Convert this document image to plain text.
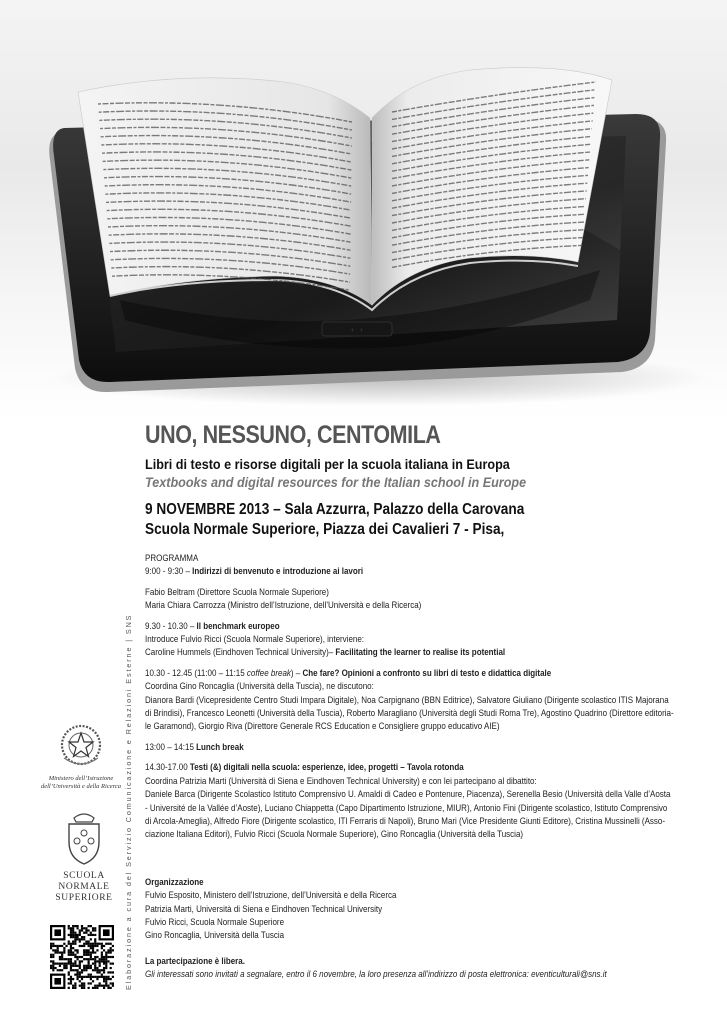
‹ ›
UNO, NESSUNO, CENTOMILA
Libri di testo e risorse digitali per la scuola italiana in Europa
Textbooks and digital resources for the Italian school in Europe
9 NOVEMBRE 2013 – Sala Azzurra, Palazzo della Carovana
Scuola Normale Superiore, Piazza dei Cavalieri 7 - Pisa,

PROGRAMMA

9:00 - 9:30 – Indirizzi di benvenuto e introduzione ai lavori

Fabio Beltram (Direttore Scuola Normale Superiore)

Maria Chiara Carrozza (Ministro dell’Istruzione, dell’Università e della Ricerca)

9.30 - 10.30 – Il benchmark europeo

Introduce Fulvio Ricci (Scuola Normale Superiore), interviene:

Caroline Hummels (Eindhoven Technical University)– Facilitating the learner to realise its potential

10.30 - 12.45 (11:00 – 11:15 coffee break) – Che fare? Opinioni a confronto su libri di testo e didattica digitale

Coordina Gino Roncaglia (Università della Tuscia), ne discutono:

Dianora Bardi (Vicepresidente Centro Studi Impara Digitale), Noa Carpignano (BBN Editrice), Salvatore Giuliano (Dirigente scolastico ITIS Majorana

di Brindisi), Francesco Leonetti (Università della Tuscia), Roberto Maragliano (Università degli Studi Roma Tre), Agostino Quadrino (Direttore editoria-

le Garamond), Giorgio Riva (Direttore Generale RCS Education e Consigliere gruppo educativo AIE)

13:00 – 14:15 Lunch break

14.30-17.00 Testi (&) digitali nella scuola: esperienze, idee, progetti – Tavola rotonda

Coordina Patrizia Marti (Università di Siena e Eindhoven Technical University) e con lei partecipano al dibattito:

Daniele Barca (Dirigente Scolastico Istituto Comprensivo U. Amaldi di Cadeo e Pontenure, Piacenza), Serenella Besio (Università della Valle d’Aosta

- Université de la Vallée d’Aoste), Luciano Chiappetta (Capo Dipartimento Istruzione, MIUR), Antonio Fini (Dirigente scolastico, Istituto Comprensivo

di Arcola-Ameglia), Alfredo Fiore (Dirigente scolastico, ITI Ferraris di Napoli), Bruno Mari (Vice Presidente Giunti Editore), Cristina Mussinelli (Asso-

ciazione Italiana Editori), Fulvio Ricci (Scuola Normale Superiore), Gino Roncaglia (Università della Tuscia)

Organizzazione

Fulvio Esposito, Ministero dell’Istruzione, dell’Università e della Ricerca

Patrizia Marti, Università di Siena e Eindhoven Technical University

Fulvio Ricci, Scuola Normale Superiore

Gino Roncaglia, Università della Tuscia

La partecipazione è libera.

Gli interessati sono invitati a segnalare, entro il 6 novembre, la loro presenza all’indirizzo di posta elettronica: eventiculturali@sns.it

Elaborazione a cura del Servizio Comunicazione e Relazioni Esterne | SNS
Ministero dell’Istruzione
dell’Università e della Ricerca
SCUOLA
NORMALE
SUPERIORE
